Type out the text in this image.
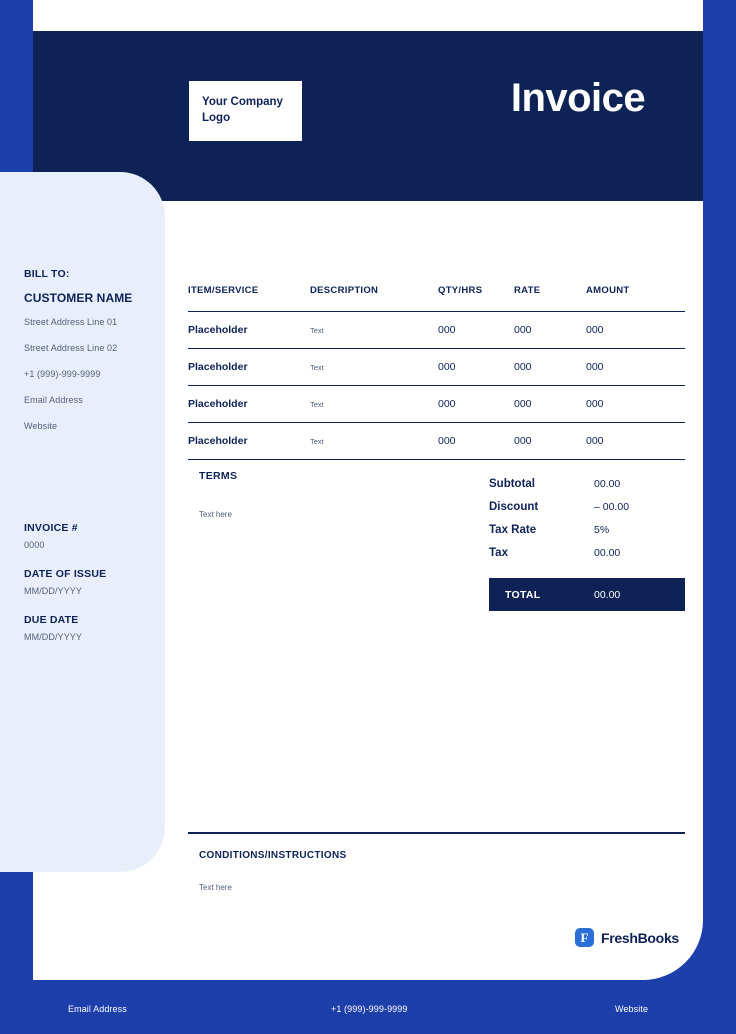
Your Company
Logo	Invoice
BILL TO:
CUSTOMER NAME
Street Address Line 01
Street Address Line 02
+1 (999)-999-9999
Email Address
Website
INVOICE #
0000
DATE OF ISSUE
MM/DD/YYYY
DUE DATE
MM/DD/YYYY
ITEM/SERVICE	DESCRIPTION	QTY/HRS	RATE	AMOUNT
Placeholder	Text	000	000	000
Placeholder	Text	000	000	000
Placeholder	Text	000	000	000
Placeholder	Text	000	000	000
TERMS
Text here
Subtotal	00.00
Discount	– 00.00
Tax Rate	5%
Tax	00.00
TOTAL	00.00
CONDITIONS/INSTRUCTIONS
Text here
F FreshBooks
Email Address	+1 (999)-999-9999	Website
